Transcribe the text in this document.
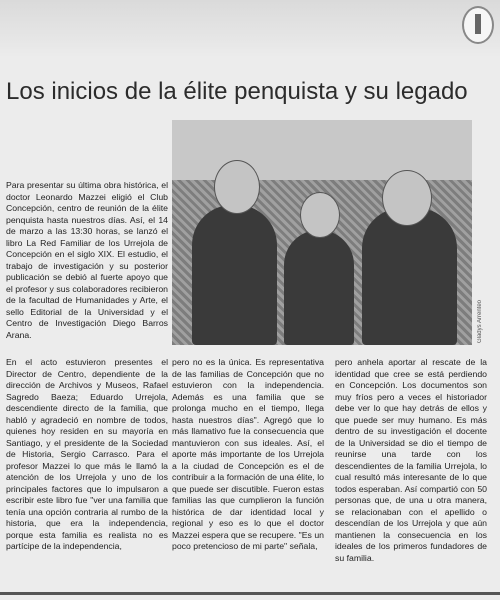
Los inicios de la élite penquista y su legado
Gladys Arrenteo

Para presentar su última obra histórica, el doctor Leonardo Mazzei eligió el Club Concepción, centro de reunión de la élite penquista hasta nuestros días. Así, el 14 de marzo a las 13:30 horas, se lanzó el libro La Red Familiar de los Urrejola de Concepción en el siglo XIX. El estudio, el trabajo de investigación y su posterior publicación se debió al fuerte apoyo que el profesor y sus colaboradores recibieron de la facultad de Humanidades y Arte, el sello Editorial de la Universidad y el Centro de Investigación Diego Barros Arana.

En el acto estuvieron presentes el Director de Centro, dependiente de la dirección de Archivos y Museos, Rafael Sagredo Baeza; Eduardo Urrejola, descendiente directo de la familia, que habló y agradeció en nombre de todos, quienes hoy residen en su mayoría en Santiago, y el presidente de la Sociedad de Historia, Sergio Carrasco. Para el profesor Mazzei lo que más le llamó la atención de los Urrejola y uno de los principales factores que lo impulsaron a escribir este libro fue "ver una familia que tenía una opción contraria al rumbo de la historia, que era la independencia, porque esta familia es realista no es partícipe de la independencia,

pero no es la única. Es representativa de las familias de Concepción que no estuvieron con la independencia. Además es una familia que se prolonga mucho en el tiempo, llega hasta nuestros días". Agregó que lo más llamativo fue la consecuencia que mantuvieron con sus ideales. Así, el aporte más importante de los Urrejola a la ciudad de Concepción es el de contribuir a la formación de una élite, lo que puede ser discutible. Fueron estas familias las que cumplieron la función histórica de dar identidad local y regional y eso es lo que el doctor Mazzei espera que se recupere. "Es un poco pretencioso de mi parte" señala,

pero anhela aportar al rescate de la identidad que cree se está perdiendo en Concepción. Los documentos son muy fríos pero a veces el historiador debe ver lo que hay detrás de ellos y que puede ser muy humano. Es más dentro de su investigación el docente de la Universidad se dio el tiempo de reunirse una tarde con los descendientes de la familia Urrejola, lo cual resultó más interesante de lo que todos esperaban. Así compartió con 50 personas que, de una u otra manera, se relacionaban con el apellido o descendían de los Urrejola y que aún mantienen la consecuencia en los ideales de los primeros fundadores de su familia.
